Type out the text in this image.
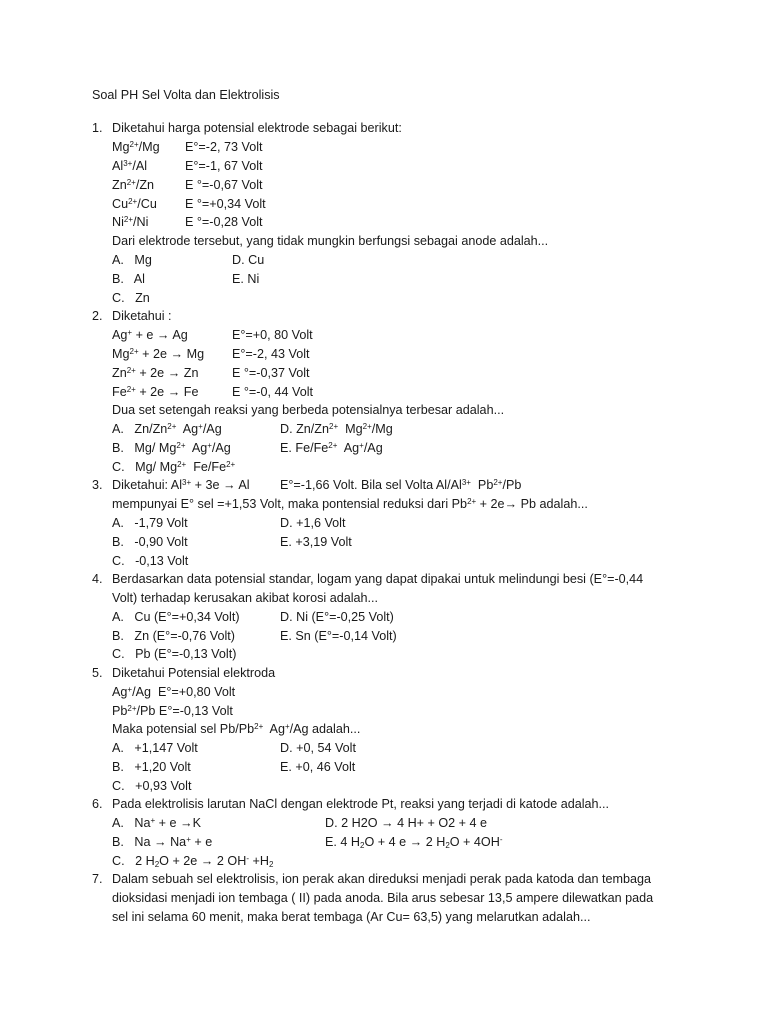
Soal PH Sel Volta dan Elektrolisis
1. Diketahui harga potensial elektrode sebagai berikut:
$Mg^{2+}/Mg$ E°=-2, 73 Volt
$Al^{3+}/Al$	E°=-1, 67 Volt
$Zn^{2+}/Zn$ E °=-0,67 Volt
$Cu^{2+}/Cu$ E °=+0,34 Volt
$Ni^{2+}/Ni$	E °=-0,28 Volt
Dari elektrode tersebut, yang tidak mungkin berfungsi sebagai anode adalah...
A.   Mg	D. Cu
B.   Al	E. Ni
C.   Zn
2. Diketahui :
Ag+ + e → Ag	E°=+0, 80 Volt
$Mg^{2+} + 2e \to Mg$ E°=-2, 43 Volt
$Zn^{2+} + 2e \to Zn$	E °=-0,37 Volt
$Fe^{2+} + 2e \to Fe$	E °=-0, 44 Volt
Dua set setengah reaksi yang berbeda potensialnya terbesar adalah...
A.   $Zn/Zn^{2+}$  Ag+/Ag	D. $Zn/Zn^{2+}$  $Mg^{2+}/Mg$
B.   Mg/ $Mg^{2+}$  Ag+/Ag	E. $Fe/Fe^{2+}$  Ag+/Ag
C.   Mg/ $Mg^{2+}$  $Fe/Fe^{2+}$
3. Diketahui: $Al^{3+} + 3e \to Al$ E°=-1,66 Volt. Bila sel Volta $Al/Al^{3+}$  $Pb^{2+}/Pb$
mempunyai E° sel =+1,53 Volt, maka pontensial reduksi dari $Pb^{2+} + 2e\to Pb$ adalah...
A.   -1,79 Volt	D. +1,6 Volt
B.   -0,90 Volt	E. +3,19 Volt
C.   -0,13 Volt
4. Berdasarkan data potensial standar, logam yang dapat dipakai untuk melindungi besi (E°=-0,44
Volt) terhadap kerusakan akibat korosi adalah...
A.   Cu (E°=+0,34 Volt)	D. Ni (E°=-0,25 Volt)
B.   Zn (E°=-0,76 Volt)	E. Sn (E°=-0,14 Volt)
C.   Pb (E°=-0,13 Volt)
5. Diketahui Potensial elektroda
Ag+/Ag  E°=+0,80 Volt
$Pb^{2+}/Pb$ E°=-0,13 Volt
Maka potensial sel $Pb/Pb^{2+}$  Ag+/Ag adalah...
A.   +1,147 Volt	D. +0, 54 Volt
B.   +1,20 Volt	E. +0, 46 Volt
C.   +0,93 Volt
6. Pada elektrolisis larutan NaCl dengan elektrode Pt, reaksi yang terjadi di katode adalah...
A.   Na+ + e →K	D. 2 H2O → 4 H+ + O2 + 4 e
B.   Na → Na+ + e	E. 4 $H_2O + 4$ e → 2 $H_2O + 4OH^-$
C.   2 $H_2O + 2e \to 2$ $OH^- +H_2$
7. Dalam sebuah sel elektrolisis, ion perak akan direduksi menjadi perak pada katoda dan tembaga
dioksidasi menjadi ion tembaga ( II) pada anoda. Bila arus sebesar 13,5 ampere dilewatkan pada
sel ini selama 60 menit, maka berat tembaga (Ar Cu= 63,5) yang melarutkan adalah...
